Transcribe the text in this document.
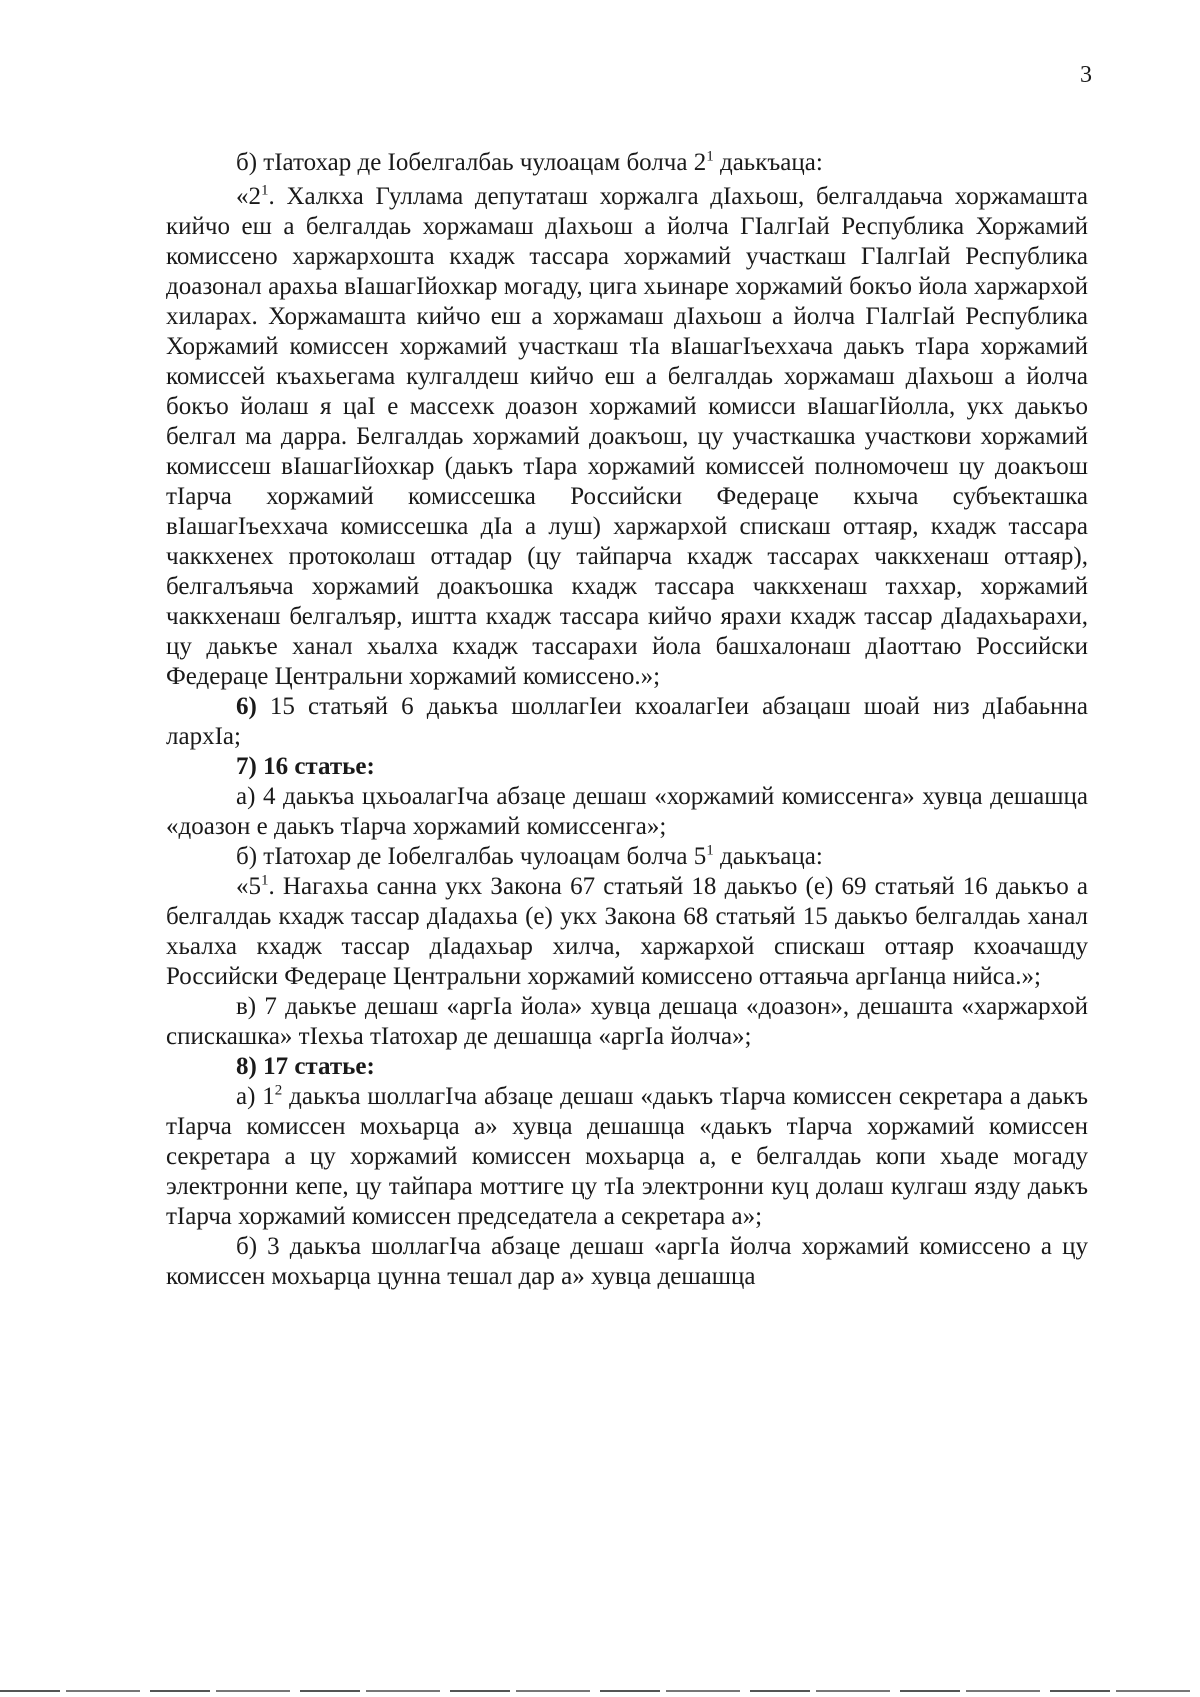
3

б) тIатохар де Iобелгалбаь чулоацам болча $2^1$ даькъаца:

«$2^1$. Халкха Гуллама депутаташ хоржалга дIахьош, белгалдаьча хоржамашта кийчо еш а белгалдаь хоржамаш дIахьош а йолча ГIалгIай Республика Хоржамий комиссено харжархошта кхадж тассара хоржамий участкаш ГIалгIай Республика доазонал арахьа вIашагIйохкар могаду, цига хьинаре хоржамий бокъо йола харжархой хиларах. Хоржамашта кийчо еш а хоржамаш дIахьош а йолча ГIалгIай Республика Хоржамий комиссен хоржамий участкаш тIа вIашагIъеххача даькъ тIара хоржамий комиссей къахьегама кулгалдеш кийчо еш а белгалдаь хоржамаш дIахьош а йолча бокъо йолаш я цаI е массехк доазон хоржамий комисси вIашагIйолла, укх даькъо белгал ма дарра. Белгалдаь хоржамий доакъош, цу участкашка участкови хоржамий комиссеш вIашагIйохкар (даькъ тIара хоржамий комиссей полномочеш цу доакъош тIарча хоржамий комиссешка Российски Федераце кхыча субъекташка вIашагIъеххача комиссешка дIа а луш) харжархой спискаш оттаяр, кхадж тассара чаккхенех протоколаш оттадар (цу тайпарча кхадж тассарах чаккхенаш оттаяр), белгалъяьча хоржамий доакъошка кхадж тассара чаккхенаш таххар, хоржамий чаккхенаш белгалъяр, иштта кхадж тассара кийчо ярахи кхадж тассар дIадахьарахи, цу даькъе ханал хьалха кхадж тассарахи йола башхалонаш дIаоттаю Российски Федераце Центральни хоржамий комиссено.»;

6) 15 статьяй 6 даькъа шоллагIеи кхоалагIеи абзацаш шоай низ дIабаьнна лархIа;

7) 16 статье:

а) 4 даькъа цхьоалагIча абзаце дешаш «хоржамий комиссенга» хувца дешашца «доазон е даькъ тIарча хоржамий комиссенга»;

б) тIатохар де Iобелгалбаь чулоацам болча $5^1$ даькъаца:

«$5^1$. Нагахьа санна укх Закона 67 статьяй 18 даькъо (е) 69 статьяй 16 даькъо а белгалдаь кхадж тассар дIадахьа (е) укх Закона 68 статьяй 15 даькъо белгалдаь ханал хьалха кхадж тассар дIадахьар хилча, харжархой спискаш оттаяр кхоачашду Российски Федераце Центральни хоржамий комиссено оттаяьча аргIанца нийса.»;

в) 7 даькъе дешаш «аргIа йола» хувца дешаца «доазон», дешашта «харжархой спискашка» тIехьа тIатохар де дешашца «аргIа йолча»;

8) 17 статье:

а) $1^2$ даькъа шоллагIча абзаце дешаш «даькъ тIарча комиссен секретара а даькъ тIарча комиссен мохьарца а» хувца дешашца «даькъ тIарча хоржамий комиссен секретара а цу хоржамий комиссен мохьарца а, е белгалдаь копи хьаде могаду электронни кепе, цу тайпара моттиге цу тIа электронни куц долаш кулгаш язду даькъ тIарча хоржамий комиссен председатела а секретара а»;

б) 3 даькъа шоллагIча абзаце дешаш «аргIа йолча хоржамий комиссено а цу комиссен мохьарца цунна тешал дар а» хувца дешашца
